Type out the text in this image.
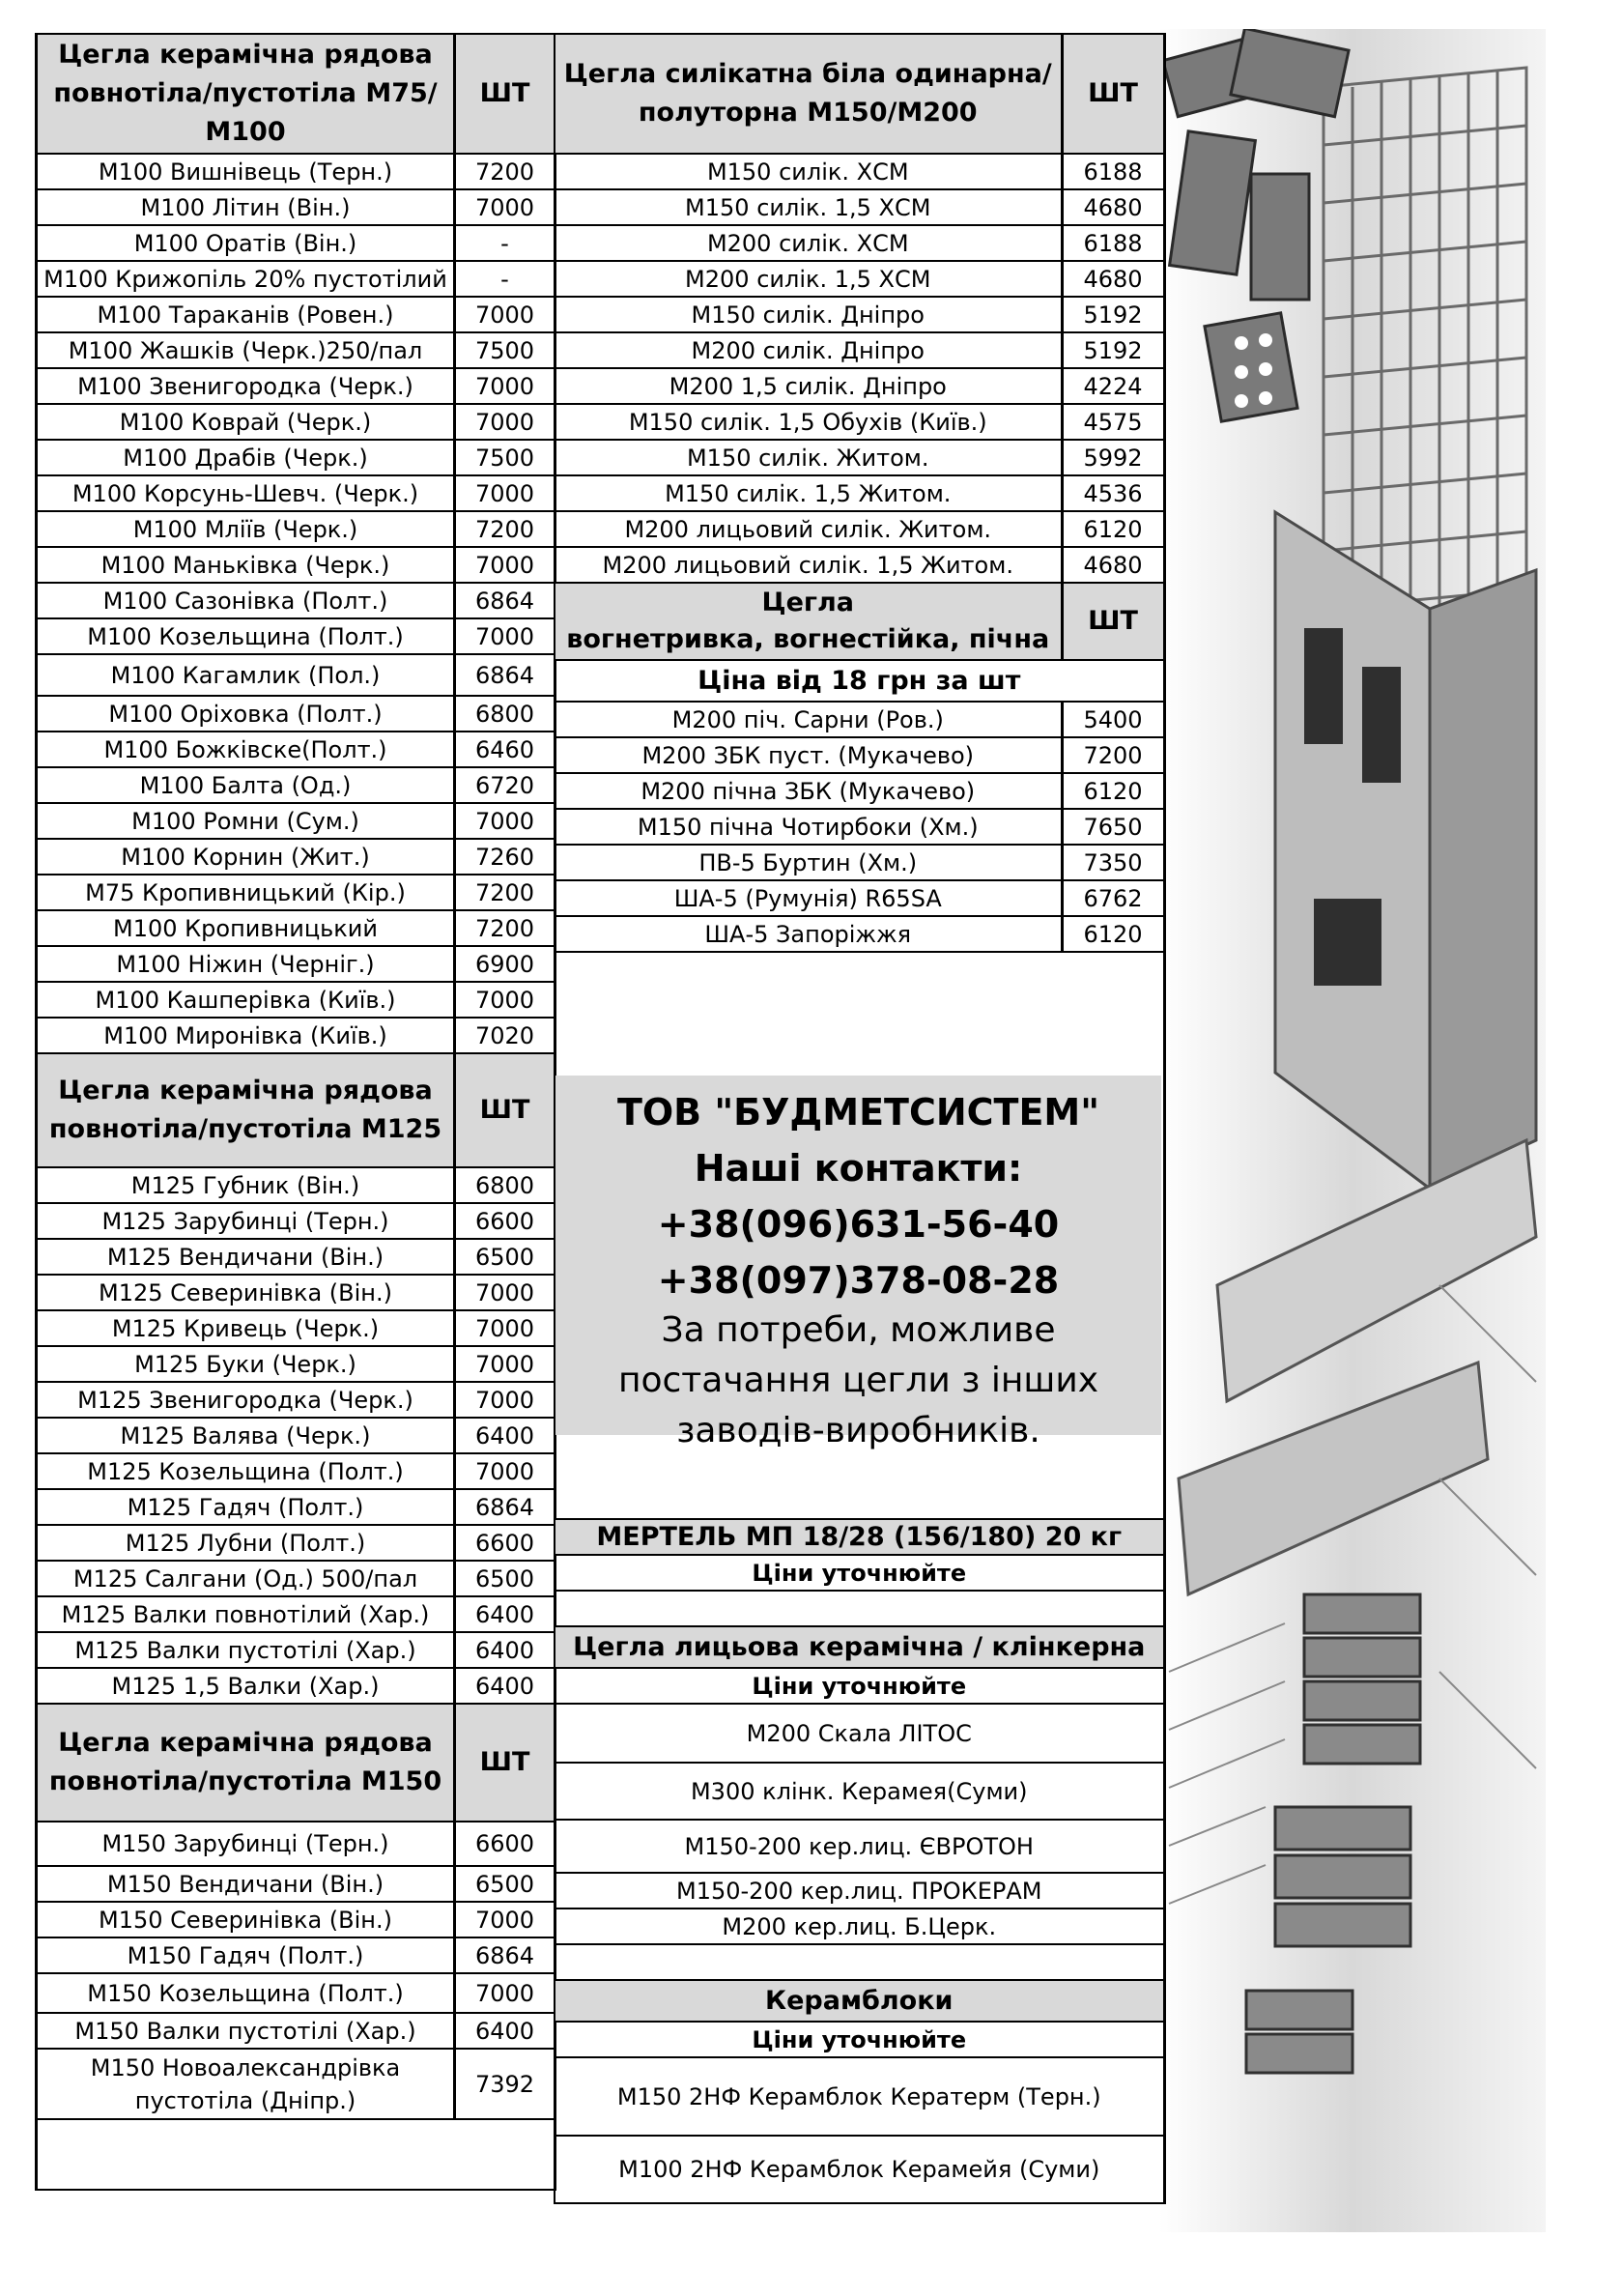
Цегла керамічна рядова повнотіла/пустотіла М75/М100	ШТ
М100 Вишнівець (Терн.)	7200
М100 Літин (Він.)	7000
М100 Оратів (Він.)	-
М100 Крижопіль 20% пустотілий	-
М100 Тараканів (Ровен.)	7000
М100 Жашків (Черк.)250/пал	7500
М100 Звенигородка (Черк.)	7000
М100 Коврай (Черк.)	7000
М100 Драбів (Черк.)	7500
М100 Корсунь-Шевч. (Черк.)	7000
М100 Мліїв (Черк.)	7200
М100 Маньківка (Черк.)	7000
М100 Сазонівка (Полт.)	6864
М100 Козельщина (Полт.)	7000
М100 Кагамлик (Пол.)	6864
М100 Оріховка (Полт.)	6800
М100 Божківске(Полт.)	6460
М100 Балта (Од.)	6720
М100 Ромни (Сум.)	7000
М100 Корнин (Жит.)	7260
М75 Кропивницький (Кір.)	7200
М100 Кропивницький	7200
М100 Ніжин (Черніг.)	6900
М100 Кашперівка (Київ.)	7000
М100 Миронівка (Київ.)	7020
Цегла керамічна рядова повнотіла/пустотіла М125	ШТ
М125 Губник (Він.)	6800
М125 Зарубинці (Терн.)	6600
М125 Вендичани (Він.)	6500
М125 Северинівка (Він.)	7000
М125 Кривець (Черк.)	7000
М125 Буки (Черк.)	7000
М125 Звенигородка (Черк.)	7000
М125 Валява (Черк.)	6400
М125 Козельщина (Полт.)	7000
М125 Гадяч (Полт.)	6864
М125 Лубни (Полт.)	6600
М125 Салгани (Од.) 500/пал	6500
М125 Валки повнотілий (Хар.)	6400
М125 Валки пустотілі (Хар.)	6400
М125 1,5 Валки (Хар.)	6400
Цегла керамічна рядова повнотіла/пустотіла М150	ШТ
М150 Зарубинці (Терн.)	6600
М150 Вендичани (Він.)	6500
М150 Северинівка (Він.)	7000
М150 Гадяч (Полт.)	6864
М150 Козельщина (Полт.)	7000
М150 Валки пустотілі (Хар.)	6400
М150 Новоалександрівка пустотіла (Дніпр.)	7392

Цегла силікатна біла одинарна/полуторна М150/М200	ШТ
М150 силік. ХСМ	6188
М150 силік. 1,5 ХСМ	4680
М200 силік. ХСМ	6188
М200 силік. 1,5 ХСМ	4680
М150 силік. Дніпро	5192
М200 силік. Дніпро	5192
М200 1,5 силік. Дніпро	4224
М150 силік. 1,5 Обухів (Київ.)	4575
М150 силік. Житом.	5992
М150 силік. 1,5 Житом.	4536
М200 лицьовий силік. Житом.	6120
М200 лицьовий силік. 1,5 Житом.	4680

Цегла
вогнетривка, вогнестійка, пічна	ШТ
Ціна від 18 грн за шт	
М200 піч. Сарни (Ров.)	5400
М200 ЗБК пуст. (Мукачево)	7200
М200 пічна ЗБК (Мукачево)	6120
М150 пічна Чотирбоки (Хм.)	7650
ПВ-5 Буртин (Хм.)	7350
ША-5 (Румунія) R65SA	6762
ША-5 Запоріжжя	6120

МЕРТЕЛЬ МП 18/28 (156/180) 20 кг	
Ціни уточнюйте	

Цегла лицьова керамічна / клінкерна	
Ціни уточнюйте	
М200 Скала ЛІТОС	
М300 клінк. Керамея(Суми)	
М150-200 кер.лиц. ЄВРОТОН	
М150-200 кер.лиц. ПРОКЕРАМ	
М200 кер.лиц. Б.Церк.	

Керамблоки	
Ціни уточнюйте	
М150 2НФ Керамблок Кератерм (Терн.)	
М100 2НФ Керамблок Керамейя (Суми)	
ТОВ "БУДМЕТСИСТЕМ"
Наші контакти:
+38(096)631-56-40
+38(097)378-08-28
За потреби, можливе
постачання цегли з інших
заводів-виробників.
